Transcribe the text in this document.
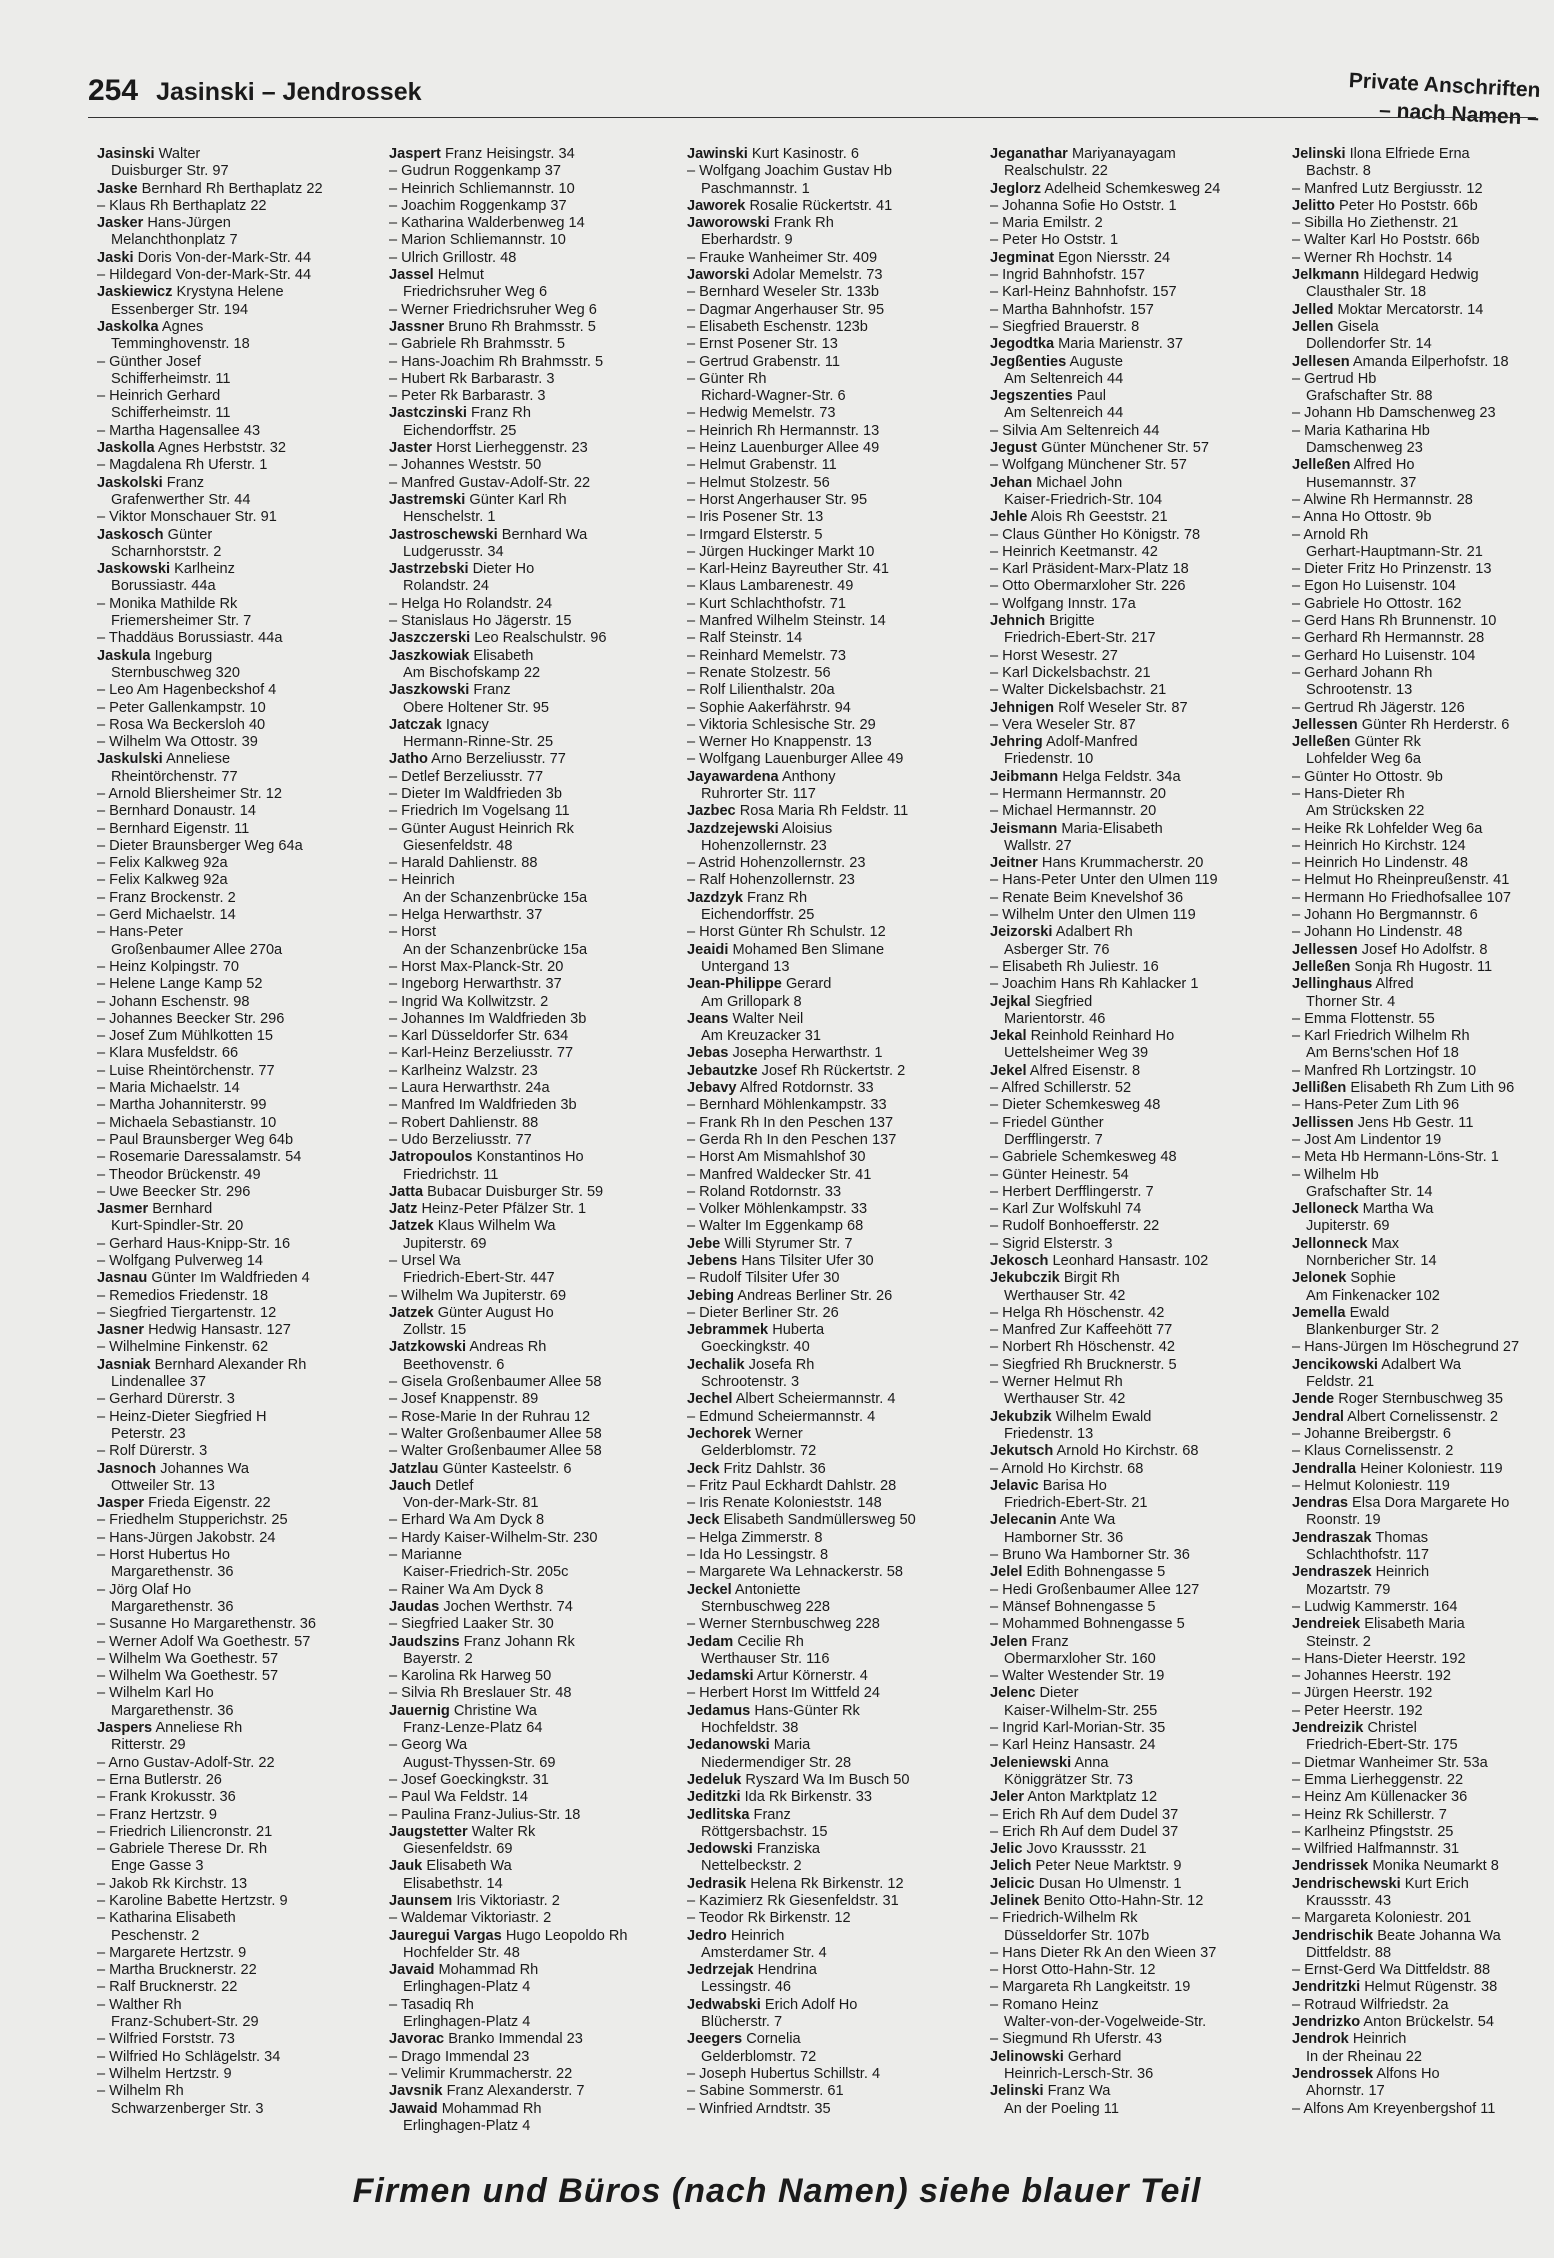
254 Jasinski – Jendrossek	Private Anschriften
– nach Namen –
Jasinski Walter
Duisburger Str. 97
Jaske Bernhard Rh Berthaplatz 22
– Klaus Rh Berthaplatz 22
Jasker Hans-Jürgen
Melanchthonplatz 7
Jaski Doris Von-der-Mark-Str. 44
– Hildegard Von-der-Mark-Str. 44
Jaskiewicz Krystyna Helene
Essenberger Str. 194
Jaskolka Agnes
Temminghovenstr. 18
– Günther Josef
Schifferheimstr. 11
– Heinrich Gerhard
Schifferheimstr. 11
– Martha Hagensallee 43
Jaskolla Agnes Herbststr. 32
– Magdalena Rh Uferstr. 1
Jaskolski Franz
Grafenwerther Str. 44
– Viktor Monschauer Str. 91
Jaskosch Günter
Scharnhorststr. 2
Jaskowski Karlheinz
Borussiastr. 44a
– Monika Mathilde Rk
Friemersheimer Str. 7
– Thaddäus Borussiastr. 44a
Jaskula Ingeburg
Sternbuschweg 320
– Leo Am Hagenbeckshof 4
– Peter Gallenkampstr. 10
– Rosa Wa Beckersloh 40
– Wilhelm Wa Ottostr. 39
Jaskulski Anneliese
Rheintörchenstr. 77
– Arnold Bliersheimer Str. 12
– Bernhard Donaustr. 14
– Bernhard Eigenstr. 11
– Dieter Braunsberger Weg 64a
– Felix Kalkweg 92a
– Felix Kalkweg 92a
– Franz Brockenstr. 2
– Gerd Michaelstr. 14
– Hans-Peter
Großenbaumer Allee 270a
– Heinz Kolpingstr. 70
– Helene Lange Kamp 52
– Johann Eschenstr. 98
– Johannes Beecker Str. 296
– Josef Zum Mühlkotten 15
– Klara Musfeldstr. 66
– Luise Rheintörchenstr. 77
– Maria Michaelstr. 14
– Martha Johanniterstr. 99
– Michaela Sebastianstr. 10
– Paul Braunsberger Weg 64b
– Rosemarie Daressalamstr. 54
– Theodor Brückenstr. 49
– Uwe Beecker Str. 296
Jasmer Bernhard
Kurt-Spindler-Str. 20
– Gerhard Haus-Knipp-Str. 16
– Wolfgang Pulverweg 14
Jasnau Günter Im Waldfrieden 4
– Remedios Friedenstr. 18
– Siegfried Tiergartenstr. 12
Jasner Hedwig Hansastr. 127
– Wilhelmine Finkenstr. 62
Jasniak Bernhard Alexander Rh
Lindenallee 37
– Gerhard Dürerstr. 3
– Heinz-Dieter Siegfried H
Peterstr. 23
– Rolf Dürerstr. 3
Jasnoch Johannes Wa
Ottweiler Str. 13
Jasper Frieda Eigenstr. 22
– Friedhelm Stupperichstr. 25
– Hans-Jürgen Jakobstr. 24
– Horst Hubertus Ho
Margarethenstr. 36
– Jörg Olaf Ho
Margarethenstr. 36
– Susanne Ho Margarethenstr. 36
– Werner Adolf Wa Goethestr. 57
– Wilhelm Wa Goethestr. 57
– Wilhelm Wa Goethestr. 57
– Wilhelm Karl Ho
Margarethenstr. 36
Jaspers Anneliese Rh
Ritterstr. 29
– Arno Gustav-Adolf-Str. 22
– Erna Butlerstr. 26
– Frank Krokusstr. 36
– Franz Hertzstr. 9
– Friedrich Liliencronstr. 21
– Gabriele Therese Dr. Rh
Enge Gasse 3
– Jakob Rk Kirchstr. 13
– Karoline Babette Hertzstr. 9
– Katharina Elisabeth
Peschenstr. 2
– Margarete Hertzstr. 9
– Martha Brucknerstr. 22
– Ralf Brucknerstr. 22
– Walther Rh
Franz-Schubert-Str. 29
– Wilfried Forststr. 73
– Wilfried Ho Schlägelstr. 34
– Wilhelm Hertzstr. 9
– Wilhelm Rh
Schwarzenberger Str. 3
Jaspert Franz Heisingstr. 34
– Gudrun Roggenkamp 37
– Heinrich Schliemannstr. 10
– Joachim Roggenkamp 37
– Katharina Walderbenweg 14
– Marion Schliemannstr. 10
– Ulrich Grillostr. 48
Jassel Helmut
Friedrichsruher Weg 6
– Werner Friedrichsruher Weg 6
Jassner Bruno Rh Brahmsstr. 5
– Gabriele Rh Brahmsstr. 5
– Hans-Joachim Rh Brahmsstr. 5
– Hubert Rk Barbarastr. 3
– Peter Rk Barbarastr. 3
Jastczinski Franz Rh
Eichendorffstr. 25
Jaster Horst Lierheggenstr. 23
– Johannes Weststr. 50
– Manfred Gustav-Adolf-Str. 22
Jastremski Günter Karl Rh
Henschelstr. 1
Jastroschewski Bernhard Wa
Ludgerusstr. 34
Jastrzebski Dieter Ho
Rolandstr. 24
– Helga Ho Rolandstr. 24
– Stanislaus Ho Jägerstr. 15
Jaszczerski Leo Realschulstr. 96
Jaszkowiak Elisabeth
Am Bischofskamp 22
Jaszkowski Franz
Obere Holtener Str. 95
Jatczak Ignacy
Hermann-Rinne-Str. 25
Jatho Arno Berzeliusstr. 77
– Detlef Berzeliusstr. 77
– Dieter Im Waldfrieden 3b
– Friedrich Im Vogelsang 11
– Günter August Heinrich Rk
Giesenfeldstr. 48
– Harald Dahlienstr. 88
– Heinrich
An der Schanzenbrücke 15a
– Helga Herwarthstr. 37
– Horst
An der Schanzenbrücke 15a
– Horst Max-Planck-Str. 20
– Ingeborg Herwarthstr. 37
– Ingrid Wa Kollwitzstr. 2
– Johannes Im Waldfrieden 3b
– Karl Düsseldorfer Str. 634
– Karl-Heinz Berzeliusstr. 77
– Karlheinz Walzstr. 23
– Laura Herwarthstr. 24a
– Manfred Im Waldfrieden 3b
– Robert Dahlienstr. 88
– Udo Berzeliusstr. 77
Jatropoulos Konstantinos Ho
Friedrichstr. 11
Jatta Bubacar Duisburger Str. 59
Jatz Heinz-Peter Pfälzer Str. 1
Jatzek Klaus Wilhelm Wa
Jupiterstr. 69
– Ursel Wa
Friedrich-Ebert-Str. 447
– Wilhelm Wa Jupiterstr. 69
Jatzek Günter August Ho
Zollstr. 15
Jatzkowski Andreas Rh
Beethovenstr. 6
– Gisela Großenbaumer Allee 58
– Josef Knappenstr. 89
– Rose-Marie In der Ruhrau 12
– Walter Großenbaumer Allee 58
– Walter Großenbaumer Allee 58
Jatzlau Günter Kasteelstr. 6
Jauch Detlef
Von-der-Mark-Str. 81
– Erhard Wa Am Dyck 8
– Hardy Kaiser-Wilhelm-Str. 230
– Marianne
Kaiser-Friedrich-Str. 205c
– Rainer Wa Am Dyck 8
Jaudas Jochen Werthstr. 74
– Siegfried Laaker Str. 30
Jaudszins Franz Johann Rk
Bayerstr. 2
– Karolina Rk Harweg 50
– Silvia Rh Breslauer Str. 48
Jauernig Christine Wa
Franz-Lenze-Platz 64
– Georg Wa
August-Thyssen-Str. 69
– Josef Goeckingkstr. 31
– Paul Wa Feldstr. 14
– Paulina Franz-Julius-Str. 18
Jaugstetter Walter Rk
Giesenfeldstr. 69
Jauk Elisabeth Wa
Elisabethstr. 14
Jaunsem Iris Viktoriastr. 2
– Waldemar Viktoriastr. 2
Jauregui Vargas Hugo Leopoldo Rh
Hochfelder Str. 48
Javaid Mohammad Rh
Erlinghagen-Platz 4
– Tasadiq Rh
Erlinghagen-Platz 4
Javorac Branko Immendal 23
– Drago Immendal 23
– Velimir Krummacherstr. 22
Javsnik Franz Alexanderstr. 7
Jawaid Mohammad Rh
Erlinghagen-Platz 4
Jawinski Kurt Kasinostr. 6
– Wolfgang Joachim Gustav Hb
Paschmannstr. 1
Jaworek Rosalie Rückertstr. 41
Jaworowski Frank Rh
Eberhardstr. 9
– Frauke Wanheimer Str. 409
Jaworski Adolar Memelstr. 73
– Bernhard Weseler Str. 133b
– Dagmar Angerhauser Str. 95
– Elisabeth Eschenstr. 123b
– Ernst Posener Str. 13
– Gertrud Grabenstr. 11
– Günter Rh
Richard-Wagner-Str. 6
– Hedwig Memelstr. 73
– Heinrich Rh Hermannstr. 13
– Heinz Lauenburger Allee 49
– Helmut Grabenstr. 11
– Helmut Stolzestr. 56
– Horst Angerhauser Str. 95
– Iris Posener Str. 13
– Irmgard Elsterstr. 5
– Jürgen Huckinger Markt 10
– Karl-Heinz Bayreuther Str. 41
– Klaus Lambarenestr. 49
– Kurt Schlachthofstr. 71
– Manfred Wilhelm Steinstr. 14
– Ralf Steinstr. 14
– Reinhard Memelstr. 73
– Renate Stolzestr. 56
– Rolf Lilienthalstr. 20a
– Sophie Aakerfährstr. 94
– Viktoria Schlesische Str. 29
– Werner Ho Knappenstr. 13
– Wolfgang Lauenburger Allee 49
Jayawardena Anthony
Ruhrorter Str. 117
Jazbec Rosa Maria Rh Feldstr. 11
Jazdzejewski Aloisius
Hohenzollernstr. 23
– Astrid Hohenzollernstr. 23
– Ralf Hohenzollernstr. 23
Jazdzyk Franz Rh
Eichendorffstr. 25
– Horst Günter Rh Schulstr. 12
Jeaidi Mohamed Ben Slimane
Untergand 13
Jean-Philippe Gerard
Am Grillopark 8
Jeans Walter Neil
Am Kreuzacker 31
Jebas Josepha Herwarthstr. 1
Jebautzke Josef Rh Rückertstr. 2
Jebavy Alfred Rotdornstr. 33
– Bernhard Möhlenkampstr. 33
– Frank Rh In den Peschen 137
– Gerda Rh In den Peschen 137
– Horst Am Mismahlshof 30
– Manfred Waldecker Str. 41
– Roland Rotdornstr. 33
– Volker Möhlenkampstr. 33
– Walter Im Eggenkamp 68
Jebe Willi Styrumer Str. 7
Jebens Hans Tilsiter Ufer 30
– Rudolf Tilsiter Ufer 30
Jebing Andreas Berliner Str. 26
– Dieter Berliner Str. 26
Jebrammek Huberta
Goeckingkstr. 40
Jechalik Josefa Rh
Schrootenstr. 3
Jechel Albert Scheiermannstr. 4
– Edmund Scheiermannstr. 4
Jechorek Werner
Gelderblomstr. 72
Jeck Fritz Dahlstr. 36
– Fritz Paul Eckhardt Dahlstr. 28
– Iris Renate Kolonieststr. 148
Jeck Elisabeth Sandmüllersweg 50
– Helga Zimmerstr. 8
– Ida Ho Lessingstr. 8
– Margarete Wa Lehnackerstr. 58
Jeckel Antoniette
Sternbuschweg 228
– Werner Sternbuschweg 228
Jedam Cecilie Rh
Werthauser Str. 116
Jedamski Artur Körnerstr. 4
– Herbert Horst Im Wittfeld 24
Jedamus Hans-Günter Rk
Hochfeldstr. 38
Jedanowski Maria
Niedermendiger Str. 28
Jedeluk Ryszard Wa Im Busch 50
Jeditzki Ida Rk Birkenstr. 33
Jedlitska Franz
Röttgersbachstr. 15
Jedowski Franziska
Nettelbeckstr. 2
Jedrasik Helena Rk Birkenstr. 12
– Kazimierz Rk Giesenfeldstr. 31
– Teodor Rk Birkenstr. 12
Jedro Heinrich
Amsterdamer Str. 4
Jedrzejak Hendrina
Lessingstr. 46
Jedwabski Erich Adolf Ho
Blücherstr. 7
Jeegers Cornelia
Gelderblomstr. 72
– Joseph Hubertus Schillstr. 4
– Sabine Sommerstr. 61
– Winfried Arndtstr. 35
Jeganathar Mariyanayagam
Realschulstr. 22
Jeglorz Adelheid Schemkesweg 24
– Johanna Sofie Ho Oststr. 1
– Maria Emilstr. 2
– Peter Ho Oststr. 1
Jegminat Egon Niersstr. 24
– Ingrid Bahnhofstr. 157
– Karl-Heinz Bahnhofstr. 157
– Martha Bahnhofstr. 157
– Siegfried Brauerstr. 8
Jegodtka Maria Marienstr. 37
Jegßenties Auguste
Am Seltenreich 44
Jegszenties Paul
Am Seltenreich 44
– Silvia Am Seltenreich 44
Jegust Günter Münchener Str. 57
– Wolfgang Münchener Str. 57
Jehan Michael John
Kaiser-Friedrich-Str. 104
Jehle Alois Rh Geeststr. 21
– Claus Günther Ho Königstr. 78
– Heinrich Keetmanstr. 42
– Karl Präsident-Marx-Platz 18
– Otto Obermarxloher Str. 226
– Wolfgang Innstr. 17a
Jehnich Brigitte
Friedrich-Ebert-Str. 217
– Horst Wesestr. 27
– Karl Dickelsbachstr. 21
– Walter Dickelsbachstr. 21
Jehnigen Rolf Weseler Str. 87
– Vera Weseler Str. 87
Jehring Adolf-Manfred
Friedenstr. 10
Jeibmann Helga Feldstr. 34a
– Hermann Hermannstr. 20
– Michael Hermannstr. 20
Jeismann Maria-Elisabeth
Wallstr. 27
Jeitner Hans Krummacherstr. 20
– Hans-Peter Unter den Ulmen 119
– Renate Beim Knevelshof 36
– Wilhelm Unter den Ulmen 119
Jeizorski Adalbert Rh
Asberger Str. 76
– Elisabeth Rh Juliestr. 16
– Joachim Hans Rh Kahlacker 1
Jejkal Siegfried
Marientorstr. 46
Jekal Reinhold Reinhard Ho
Uettelsheimer Weg 39
Jekel Alfred Eisenstr. 8
– Alfred Schillerstr. 52
– Dieter Schemkesweg 48
– Friedel Günther
Derfflingerstr. 7
– Gabriele Schemkesweg 48
– Günter Heinestr. 54
– Herbert Derfflingerstr. 7
– Karl Zur Wolfskuhl 74
– Rudolf Bonhoefferstr. 22
– Sigrid Elsterstr. 3
Jekosch Leonhard Hansastr. 102
Jekubczik Birgit Rh
Werthauser Str. 42
– Helga Rh Höschenstr. 42
– Manfred Zur Kaffeehött 77
– Norbert Rh Höschenstr. 42
– Siegfried Rh Brucknerstr. 5
– Werner Helmut Rh
Werthauser Str. 42
Jekubzik Wilhelm Ewald
Friedenstr. 13
Jekutsch Arnold Ho Kirchstr. 68
– Arnold Ho Kirchstr. 68
Jelavic Barisa Ho
Friedrich-Ebert-Str. 21
Jelecanin Ante Wa
Hamborner Str. 36
– Bruno Wa Hamborner Str. 36
Jelel Edith Bohnengasse 5
– Hedi Großenbaumer Allee 127
– Mänsef Bohnengasse 5
– Mohammed Bohnengasse 5
Jelen Franz
Obermarxloher Str. 160
– Walter Westender Str. 19
Jelenc Dieter
Kaiser-Wilhelm-Str. 255
– Ingrid Karl-Morian-Str. 35
– Karl Heinz Hansastr. 24
Jeleniewski Anna
Königgrätzer Str. 73
Jeler Anton Marktplatz 12
– Erich Rh Auf dem Dudel 37
– Erich Rh Auf dem Dudel 37
Jelic Jovo Kraussstr. 21
Jelich Peter Neue Marktstr. 9
Jelicic Dusan Ho Ulmenstr. 1
Jelinek Benito Otto-Hahn-Str. 12
– Friedrich-Wilhelm Rk
Düsseldorfer Str. 107b
– Hans Dieter Rk An den Wieen 37
– Horst Otto-Hahn-Str. 12
– Margareta Rh Langkeitstr. 19
– Romano Heinz
Walter-von-der-Vogelweide-Str.
– Siegmund Rh Uferstr. 43
Jelinowski Gerhard
Heinrich-Lersch-Str. 36
Jelinski Franz Wa
An der Poeling 11
Jelinski Ilona Elfriede Erna
Bachstr. 8
– Manfred Lutz Bergiusstr. 12
Jelitto Peter Ho Poststr. 66b
– Sibilla Ho Ziethenstr. 21
– Walter Karl Ho Poststr. 66b
– Werner Rh Hochstr. 14
Jelkmann Hildegard Hedwig
Clausthaler Str. 18
Jelled Moktar Mercatorstr. 14
Jellen Gisela
Dollendorfer Str. 14
Jellesen Amanda Eilperhofstr. 18
– Gertrud Hb
Grafschafter Str. 88
– Johann Hb Damschenweg 23
– Maria Katharina Hb
Damschenweg 23
Jelleßen Alfred Ho
Husemannstr. 37
– Alwine Rh Hermannstr. 28
– Anna Ho Ottostr. 9b
– Arnold Rh
Gerhart-Hauptmann-Str. 21
– Dieter Fritz Ho Prinzenstr. 13
– Egon Ho Luisenstr. 104
– Gabriele Ho Ottostr. 162
– Gerd Hans Rh Brunnenstr. 10
– Gerhard Rh Hermannstr. 28
– Gerhard Ho Luisenstr. 104
– Gerhard Johann Rh
Schrootenstr. 13
– Gertrud Rh Jägerstr. 126
Jellessen Günter Rh Herderstr. 6
Jelleßen Günter Rk
Lohfelder Weg 6a
– Günter Ho Ottostr. 9b
– Hans-Dieter Rh
Am Strücksken 22
– Heike Rk Lohfelder Weg 6a
– Heinrich Ho Kirchstr. 124
– Heinrich Ho Lindenstr. 48
– Helmut Ho Rheinpreußenstr. 41
– Hermann Ho Friedhofsallee 107
– Johann Ho Bergmannstr. 6
– Johann Ho Lindenstr. 48
Jellessen Josef Ho Adolfstr. 8
Jelleßen Sonja Rh Hugostr. 11
Jellinghaus Alfred
Thorner Str. 4
– Emma Flottenstr. 55
– Karl Friedrich Wilhelm Rh
Am Berns'schen Hof 18
– Manfred Rh Lortzingstr. 10
Jellißen Elisabeth Rh Zum Lith 96
– Hans-Peter Zum Lith 96
Jellissen Jens Hb Gestr. 11
– Jost Am Lindentor 19
– Meta Hb Hermann-Löns-Str. 1
– Wilhelm Hb
Grafschafter Str. 14
Jelloneck Martha Wa
Jupiterstr. 69
Jellonneck Max
Nornbericher Str. 14
Jelonek Sophie
Am Finkenacker 102
Jemella Ewald
Blankenburger Str. 2
– Hans-Jürgen Im Höschegrund 27
Jencikowski Adalbert Wa
Feldstr. 21
Jende Roger Sternbuschweg 35
Jendral Albert Cornelissenstr. 2
– Johanne Breibergstr. 6
– Klaus Cornelissenstr. 2
Jendralla Heiner Koloniestr. 119
– Helmut Koloniestr. 119
Jendras Elsa Dora Margarete Ho
Roonstr. 19
Jendraszak Thomas
Schlachthofstr. 117
Jendraszek Heinrich
Mozartstr. 79
– Ludwig Kammerstr. 164
Jendreiek Elisabeth Maria
Steinstr. 2
– Hans-Dieter Heerstr. 192
– Johannes Heerstr. 192
– Jürgen Heerstr. 192
– Peter Heerstr. 192
Jendreizik Christel
Friedrich-Ebert-Str. 175
– Dietmar Wanheimer Str. 53a
– Emma Lierheggenstr. 22
– Heinz Am Küllenacker 36
– Heinz Rk Schillerstr. 7
– Karlheinz Pfingststr. 25
– Wilfried Halfmannstr. 31
Jendrissek Monika Neumarkt 8
Jendrischewski Kurt Erich
Kraussstr. 43
– Margareta Koloniestr. 201
Jendrischik Beate Johanna Wa
Dittfeldstr. 88
– Ernst-Gerd Wa Dittfeldstr. 88
Jendritzki Helmut Rügenstr. 38
– Rotraud Wilfriedstr. 2a
Jendrizko Anton Brückelstr. 54
Jendrok Heinrich
In der Rheinau 22
Jendrossek Alfons Ho
Ahornstr. 17
– Alfons Am Kreyenbergshof 11
Firmen und Büros (nach Namen) siehe blauer Teil
